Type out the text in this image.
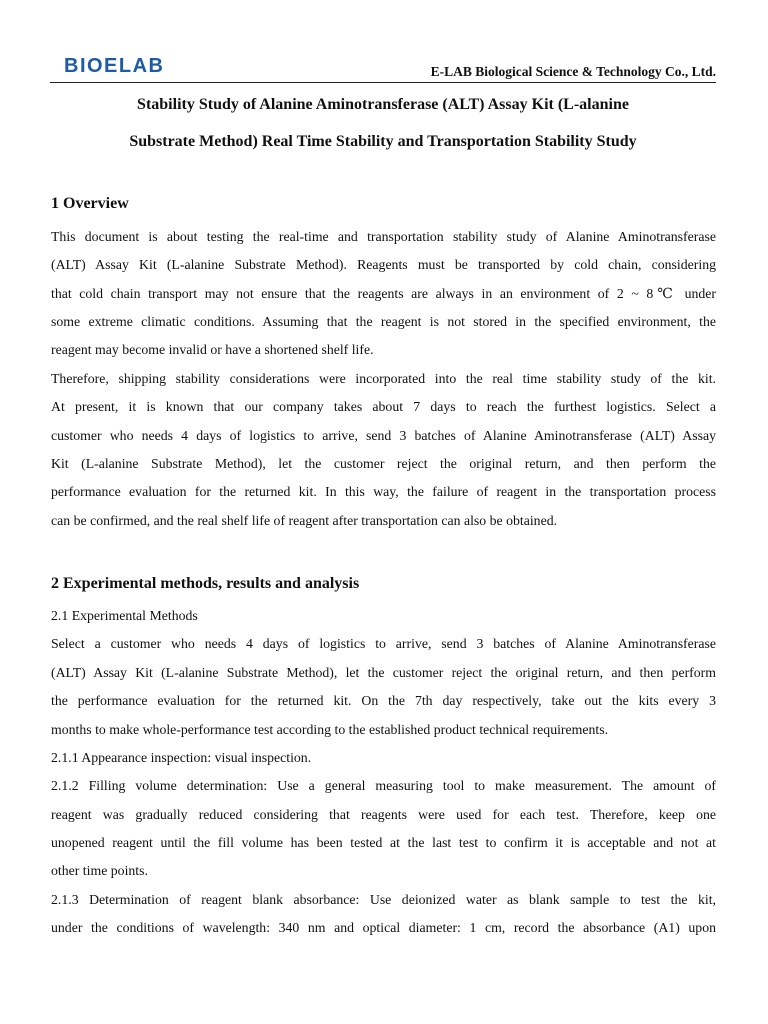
BIOELAB	E-LAB Biological Science & Technology Co., Ltd.
Stability Study of Alanine Aminotransferase (ALT) Assay Kit (L-alanine
Substrate Method) Real Time Stability and Transportation Stability Study
1 Overview
This document is about testing the real-time and transportation stability study of Alanine Aminotransferase
(ALT) Assay Kit (L-alanine Substrate Method). Reagents must be transported by cold chain, considering
that cold chain transport may not ensure that the reagents are always in an environment of 2 ~ 8℃ under
some extreme climatic conditions. Assuming that the reagent is not stored in the specified environment, the
reagent may become invalid or have a shortened shelf life.
Therefore, shipping stability considerations were incorporated into the real time stability study of the kit.
At present, it is known that our company takes about 7 days to reach the furthest logistics. Select a
customer who needs 4 days of logistics to arrive, send 3 batches of Alanine Aminotransferase (ALT) Assay
Kit (L-alanine Substrate Method), let the customer reject the original return, and then perform the
performance evaluation for the returned kit. In this way, the failure of reagent in the transportation process
can be confirmed, and the real shelf life of reagent after transportation can also be obtained.
2 Experimental methods, results and analysis
2.1 Experimental Methods
Select a customer who needs 4 days of logistics to arrive, send 3 batches of Alanine Aminotransferase
(ALT) Assay Kit (L-alanine Substrate Method), let the customer reject the original return, and then perform
the performance evaluation for the returned kit. On the 7th day respectively, take out the kits every 3
months to make whole-performance test according to the established product technical requirements.
2.1.1 Appearance inspection: visual inspection.
2.1.2 Filling volume determination: Use a general measuring tool to make measurement. The amount of
reagent was gradually reduced considering that reagents were used for each test. Therefore, keep one
unopened reagent until the fill volume has been tested at the last test to confirm it is acceptable and not at
other time points.
2.1.3 Determination of reagent blank absorbance: Use deionized water as blank sample to test the kit,
under the conditions of wavelength: 340 nm and optical diameter: 1 cm, record the absorbance (A1) upon
